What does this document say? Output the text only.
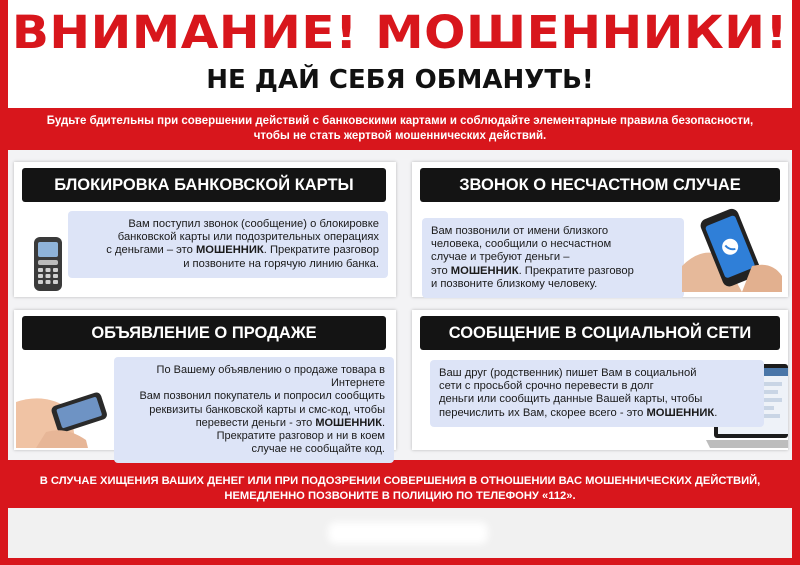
ВНИМАНИЕ! МОШЕННИКИ!
НЕ ДАЙ СЕБЯ ОБМАНУТЬ!
Будьте бдительны при совершении действий с банковскими картами и соблюдайте элементарные правила безопасности,
чтобы не стать жертвой мошеннических действий.
БЛОКИРОВКА БАНКОВСКОЙ КАРТЫ
Вам поступил звонок (сообщение) о блокировке
банковской карты или подозрительных операциях
с деньгами – это МОШЕННИК. Прекратите разговор
и позвоните на горячую линию банка.
ЗВОНОК О НЕСЧАСТНОМ СЛУЧАЕ
Вам позвонили от имени близкого
человека, сообщили о несчастном
случае и требуют деньги –
это МОШЕННИК. Прекратите разговор
и позвоните близкому человеку.
ОБЪЯВЛЕНИЕ О ПРОДАЖЕ
По Вашему объявлению о продаже товара в Интернете
Вам позвонил покупатель и попросил сообщить
реквизиты банковской карты и смс-код, чтобы
перевести деньги - это МОШЕННИК.
Прекратите разговор и ни в коем
случае не сообщайте код.
СООБЩЕНИЕ В СОЦИАЛЬНОЙ СЕТИ
Ваш друг (родственник) пишет Вам в социальной
сети с просьбой срочно перевести в долг
деньги или сообщить данные Вашей карты, чтобы
перечислить их Вам, скорее всего - это МОШЕННИК.
В СЛУЧАЕ ХИЩЕНИЯ ВАШИХ ДЕНЕГ ИЛИ ПРИ ПОДОЗРЕНИИ СОВЕРШЕНИЯ В ОТНОШЕНИИ ВАС МОШЕННИЧЕСКИХ ДЕЙСТВИЙ,
НЕМЕДЛЕННО ПОЗВОНИТЕ В ПОЛИЦИЮ ПО ТЕЛЕФОНУ «112».
